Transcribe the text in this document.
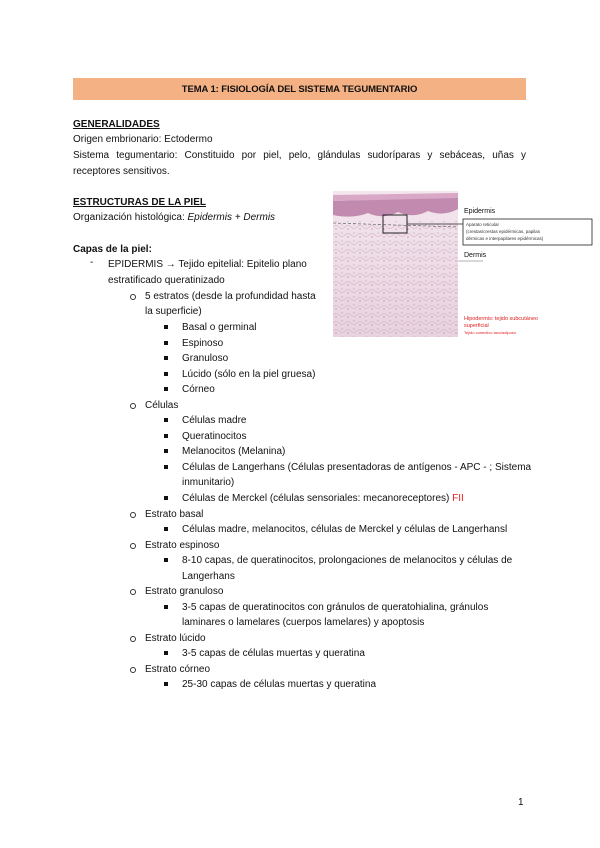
TEMA 1: FISIOLOGÍA DEL SISTEMA TEGUMENTARIO
GENERALIDADES
Origen embrionario: Ectodermo
Sistema tegumentario: Constituido por piel, pelo, glándulas sudoríparas y sebáceas, uñas y receptores sensitivos.
ESTRUCTURAS DE LA PIEL
Organización histológica: Epidermis + Dermis
Epidermis
Aparato reticular
(crestas/crestas epidérmicas, papilas
dérmicas e interpapilares epidérmicas)
Dermis
Hipodermis: tejido subcutáneo
superficial
Tejido conectivo laxo/adiposo
Capas de la piel:
- EPIDERMIS → Tejido epitelial: Epitelio plano
estratificado queratinizado
5 estratos (desde la profundidad hasta
la superficie)
Basal o germinal
Espinoso
Granuloso
Lúcido (sólo en la piel gruesa)
Córneo
Células
Células madre
Queratinocitos
Melanocitos (Melanina)
Células de Langerhans (Células presentadoras de antígenos - APC - ; Sistema
inmunitario)
Células de Merckel (células sensoriales: mecanoreceptores) FII
Estrato basal
Células madre, melanocitos, células de Merckel y células de Langerhansl
Estrato espinoso
8-10 capas, de queratinocitos, prolongaciones de melanocitos y células de
Langerhans
Estrato granuloso
3-5 capas de queratinocitos con gránulos de queratohialina, gránulos
laminares o lamelares (cuerpos lamelares) y apoptosis
Estrato lúcido
3-5 capas de células muertas y queratina
Estrato córneo
25-30 capas de células muertas y queratina
1
